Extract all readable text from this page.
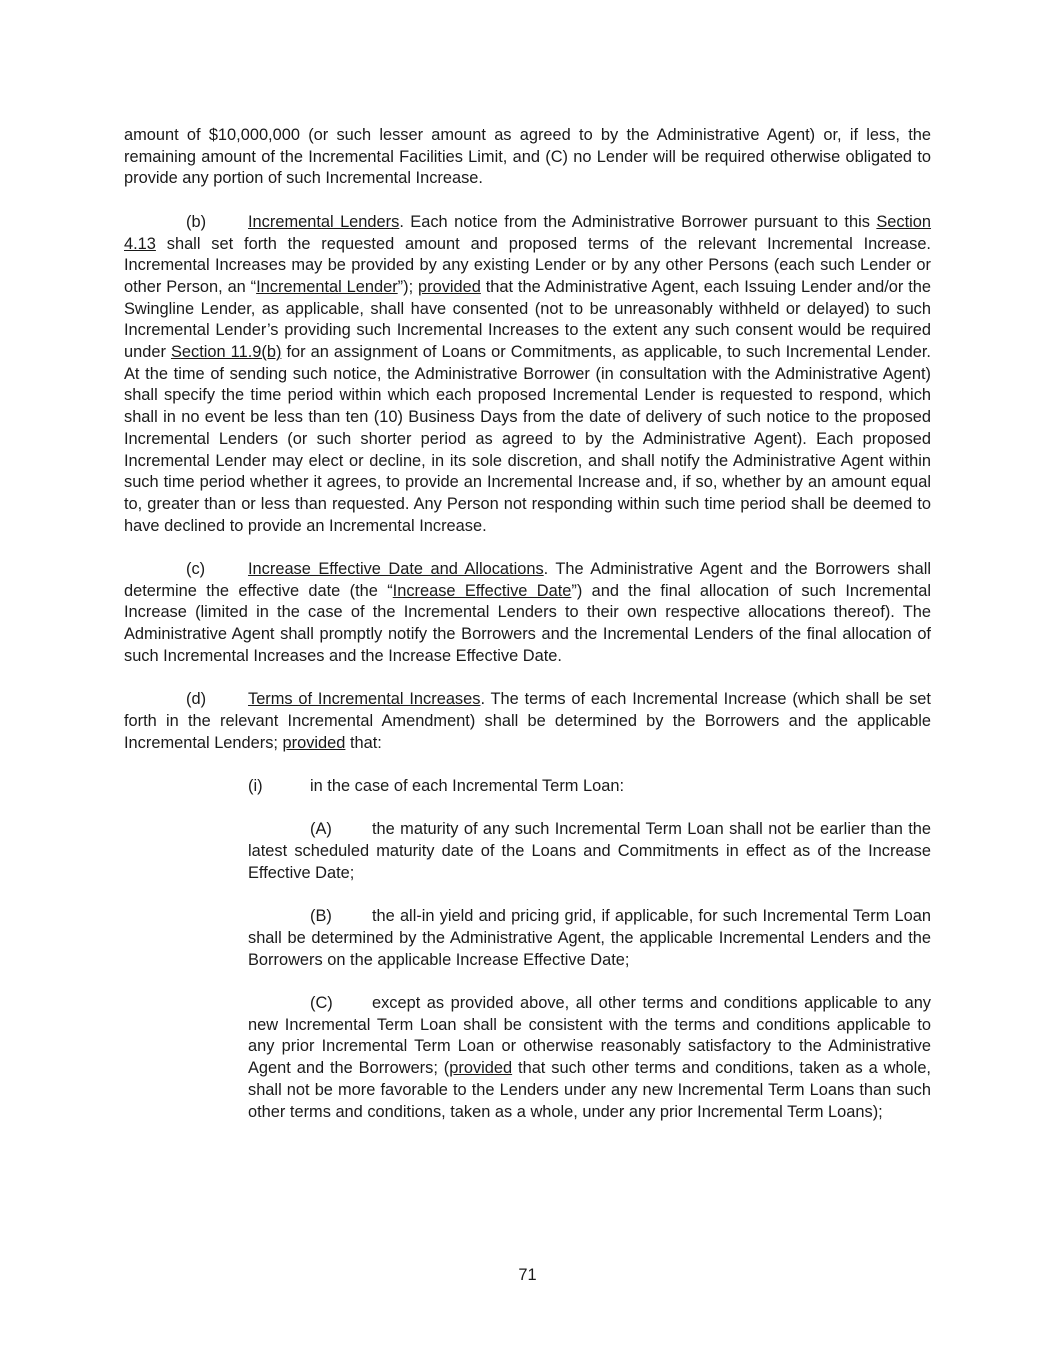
amount of $10,000,000 (or such lesser amount as agreed to by the Administrative Agent) or, if less, the remaining amount of the Incremental Facilities Limit, and (C) no Lender will be required otherwise obligated to provide any portion of such Incremental Increase.

(b)	Incremental Lenders. Each notice from the Administrative Borrower pursuant to this Section 4.13 shall set forth the requested amount and proposed terms of the relevant Incremental Increase. Incremental Increases may be provided by any existing Lender or by any other Persons (each such Lender or other Person, an “Incremental Lender”); provided that the Administrative Agent, each Issuing Lender and/or the Swingline Lender, as applicable, shall have consented (not to be unreasonably withheld or delayed) to such Incremental Lender’s providing such Incremental Increases to the extent any such consent would be required under Section 11.9(b) for an assignment of Loans or Commitments, as applicable, to such Incremental Lender. At the time of sending such notice, the Administrative Borrower (in consultation with the Administrative Agent) shall specify the time period within which each proposed Incremental Lender is requested to respond, which shall in no event be less than ten (10) Business Days from the date of delivery of such notice to the proposed Incremental Lenders (or such shorter period as agreed to by the Administrative Agent). Each proposed Incremental Lender may elect or decline, in its sole discretion, and shall notify the Administrative Agent within such time period whether it agrees, to provide an Incremental Increase and, if so, whether by an amount equal to, greater than or less than requested. Any Person not responding within such time period shall be deemed to have declined to provide an Incremental Increase.

(c)	Increase Effective Date and Allocations. The Administrative Agent and the Borrowers shall determine the effective date (the “Increase Effective Date”) and the final allocation of such Incremental Increase (limited in the case of the Incremental Lenders to their own respective allocations thereof). The Administrative Agent shall promptly notify the Borrowers and the Incremental Lenders of the final allocation of such Incremental Increases and the Increase Effective Date.

(d)	Terms of Incremental Increases. The terms of each Incremental Increase (which shall be set forth in the relevant Incremental Amendment) shall be determined by the Borrowers and the applicable Incremental Lenders; provided that:

(i)	in the case of each Incremental Term Loan:

(A) the maturity of any such Incremental Term Loan shall not be earlier than the latest scheduled maturity date of the Loans and Commitments in effect as of the Increase Effective Date;

(B) the all-in yield and pricing grid, if applicable, for such Incremental Term Loan shall be determined by the Administrative Agent, the applicable Incremental Lenders and the Borrowers on the applicable Increase Effective Date;

(C) except as provided above, all other terms and conditions applicable to any new Incremental Term Loan shall be consistent with the terms and conditions applicable to any prior Incremental Term Loan or otherwise reasonably satisfactory to the Administrative Agent and the Borrowers; (provided that such other terms and conditions, taken as a whole, shall not be more favorable to the Lenders under any new Incremental Term Loans than such other terms and conditions, taken as a whole, under any prior Incremental Term Loans);

71
